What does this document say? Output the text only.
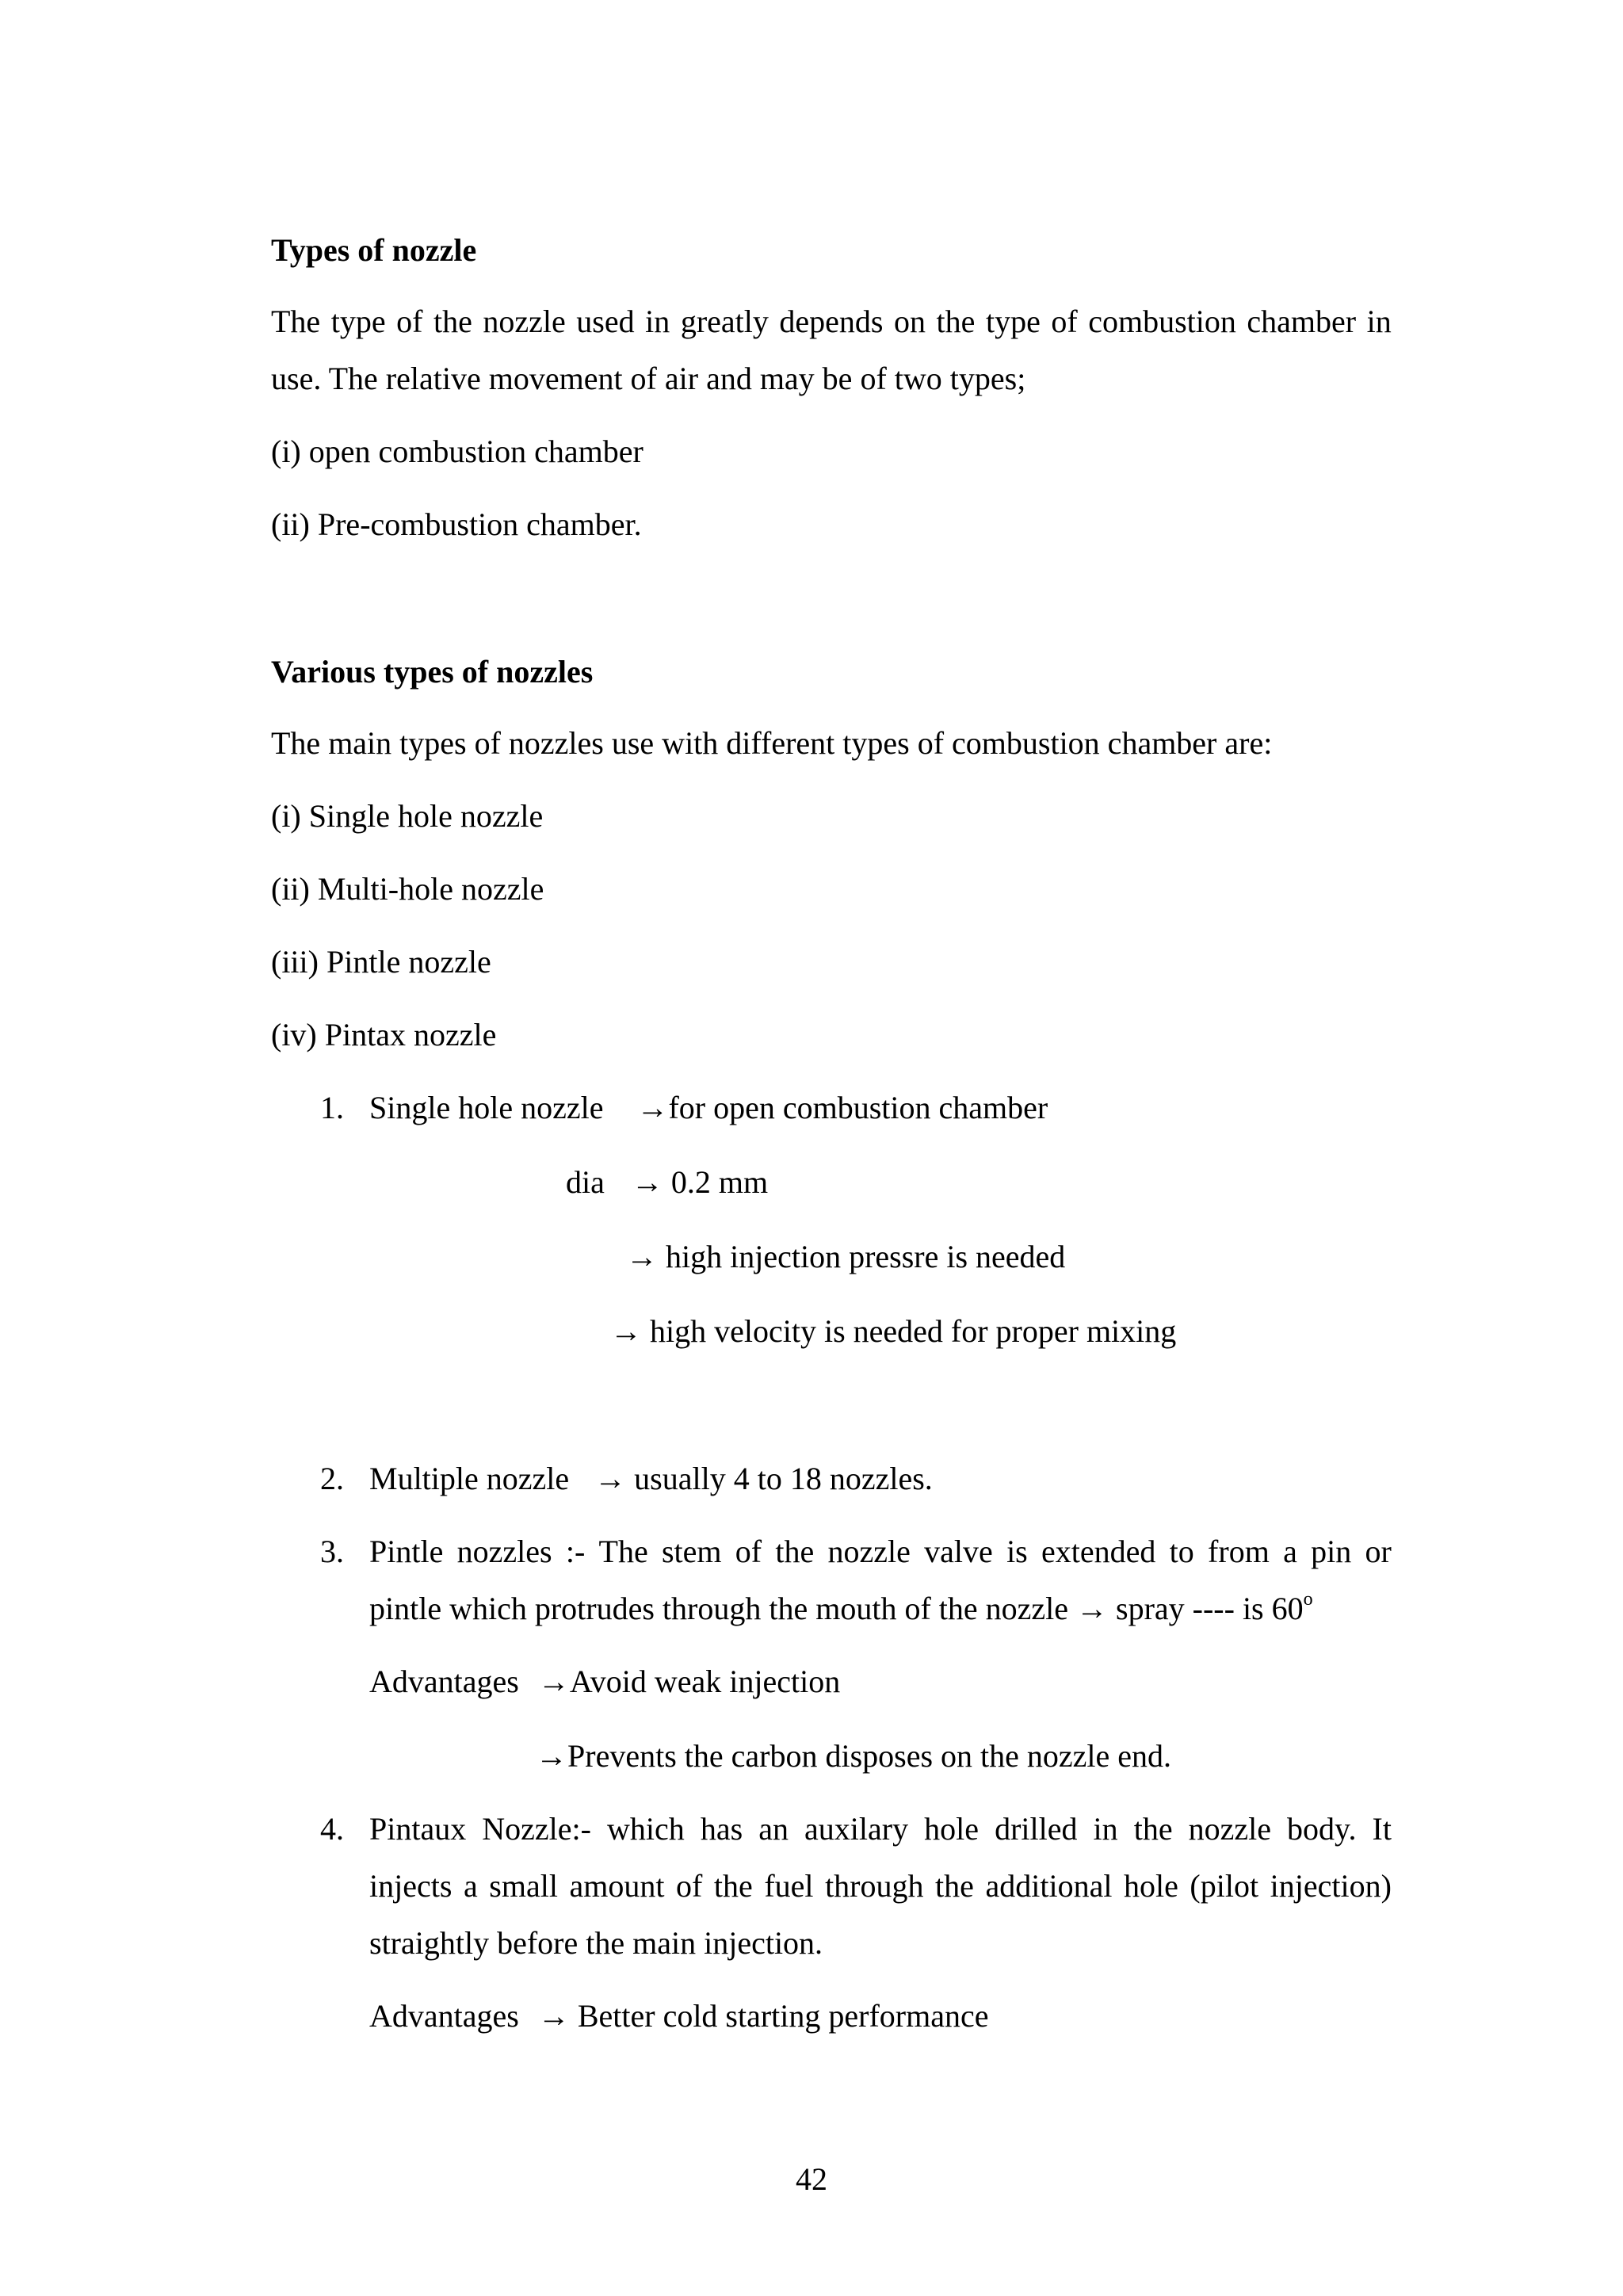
Types of nozzle
The type of the nozzle used in greatly depends on the type of combustion chamber in
use. The relative movement of air and may be of two types;
(i) open combustion chamber
(ii) Pre-combustion chamber.
Various types of nozzles
The main types of nozzles use with different types of combustion chamber are:
(i) Single hole nozzle
(ii) Multi-hole nozzle
(iii) Pintle nozzle
(iv) Pintax nozzle
1. Single hole nozzle →for open combustion chamber
dia → 0.2 mm
→ high injection pressre is needed
→ high velocity is needed for proper mixing
2. Multiple nozzle → usually 4 to 18 nozzles.
3. Pintle nozzles :- The stem of the nozzle valve is extended to from a pin or
pintle which protrudes through the mouth of the nozzle → spray ---- is 60$^o$
Advantages →Avoid weak injection
→Prevents the carbon disposes on the nozzle end.
4. Pintaux Nozzle:- which has an auxilary hole drilled in the nozzle body. It
injects a small amount of the fuel through the additional hole (pilot injection)
straightly before the main injection.
Advantages → Better cold starting performance
42
